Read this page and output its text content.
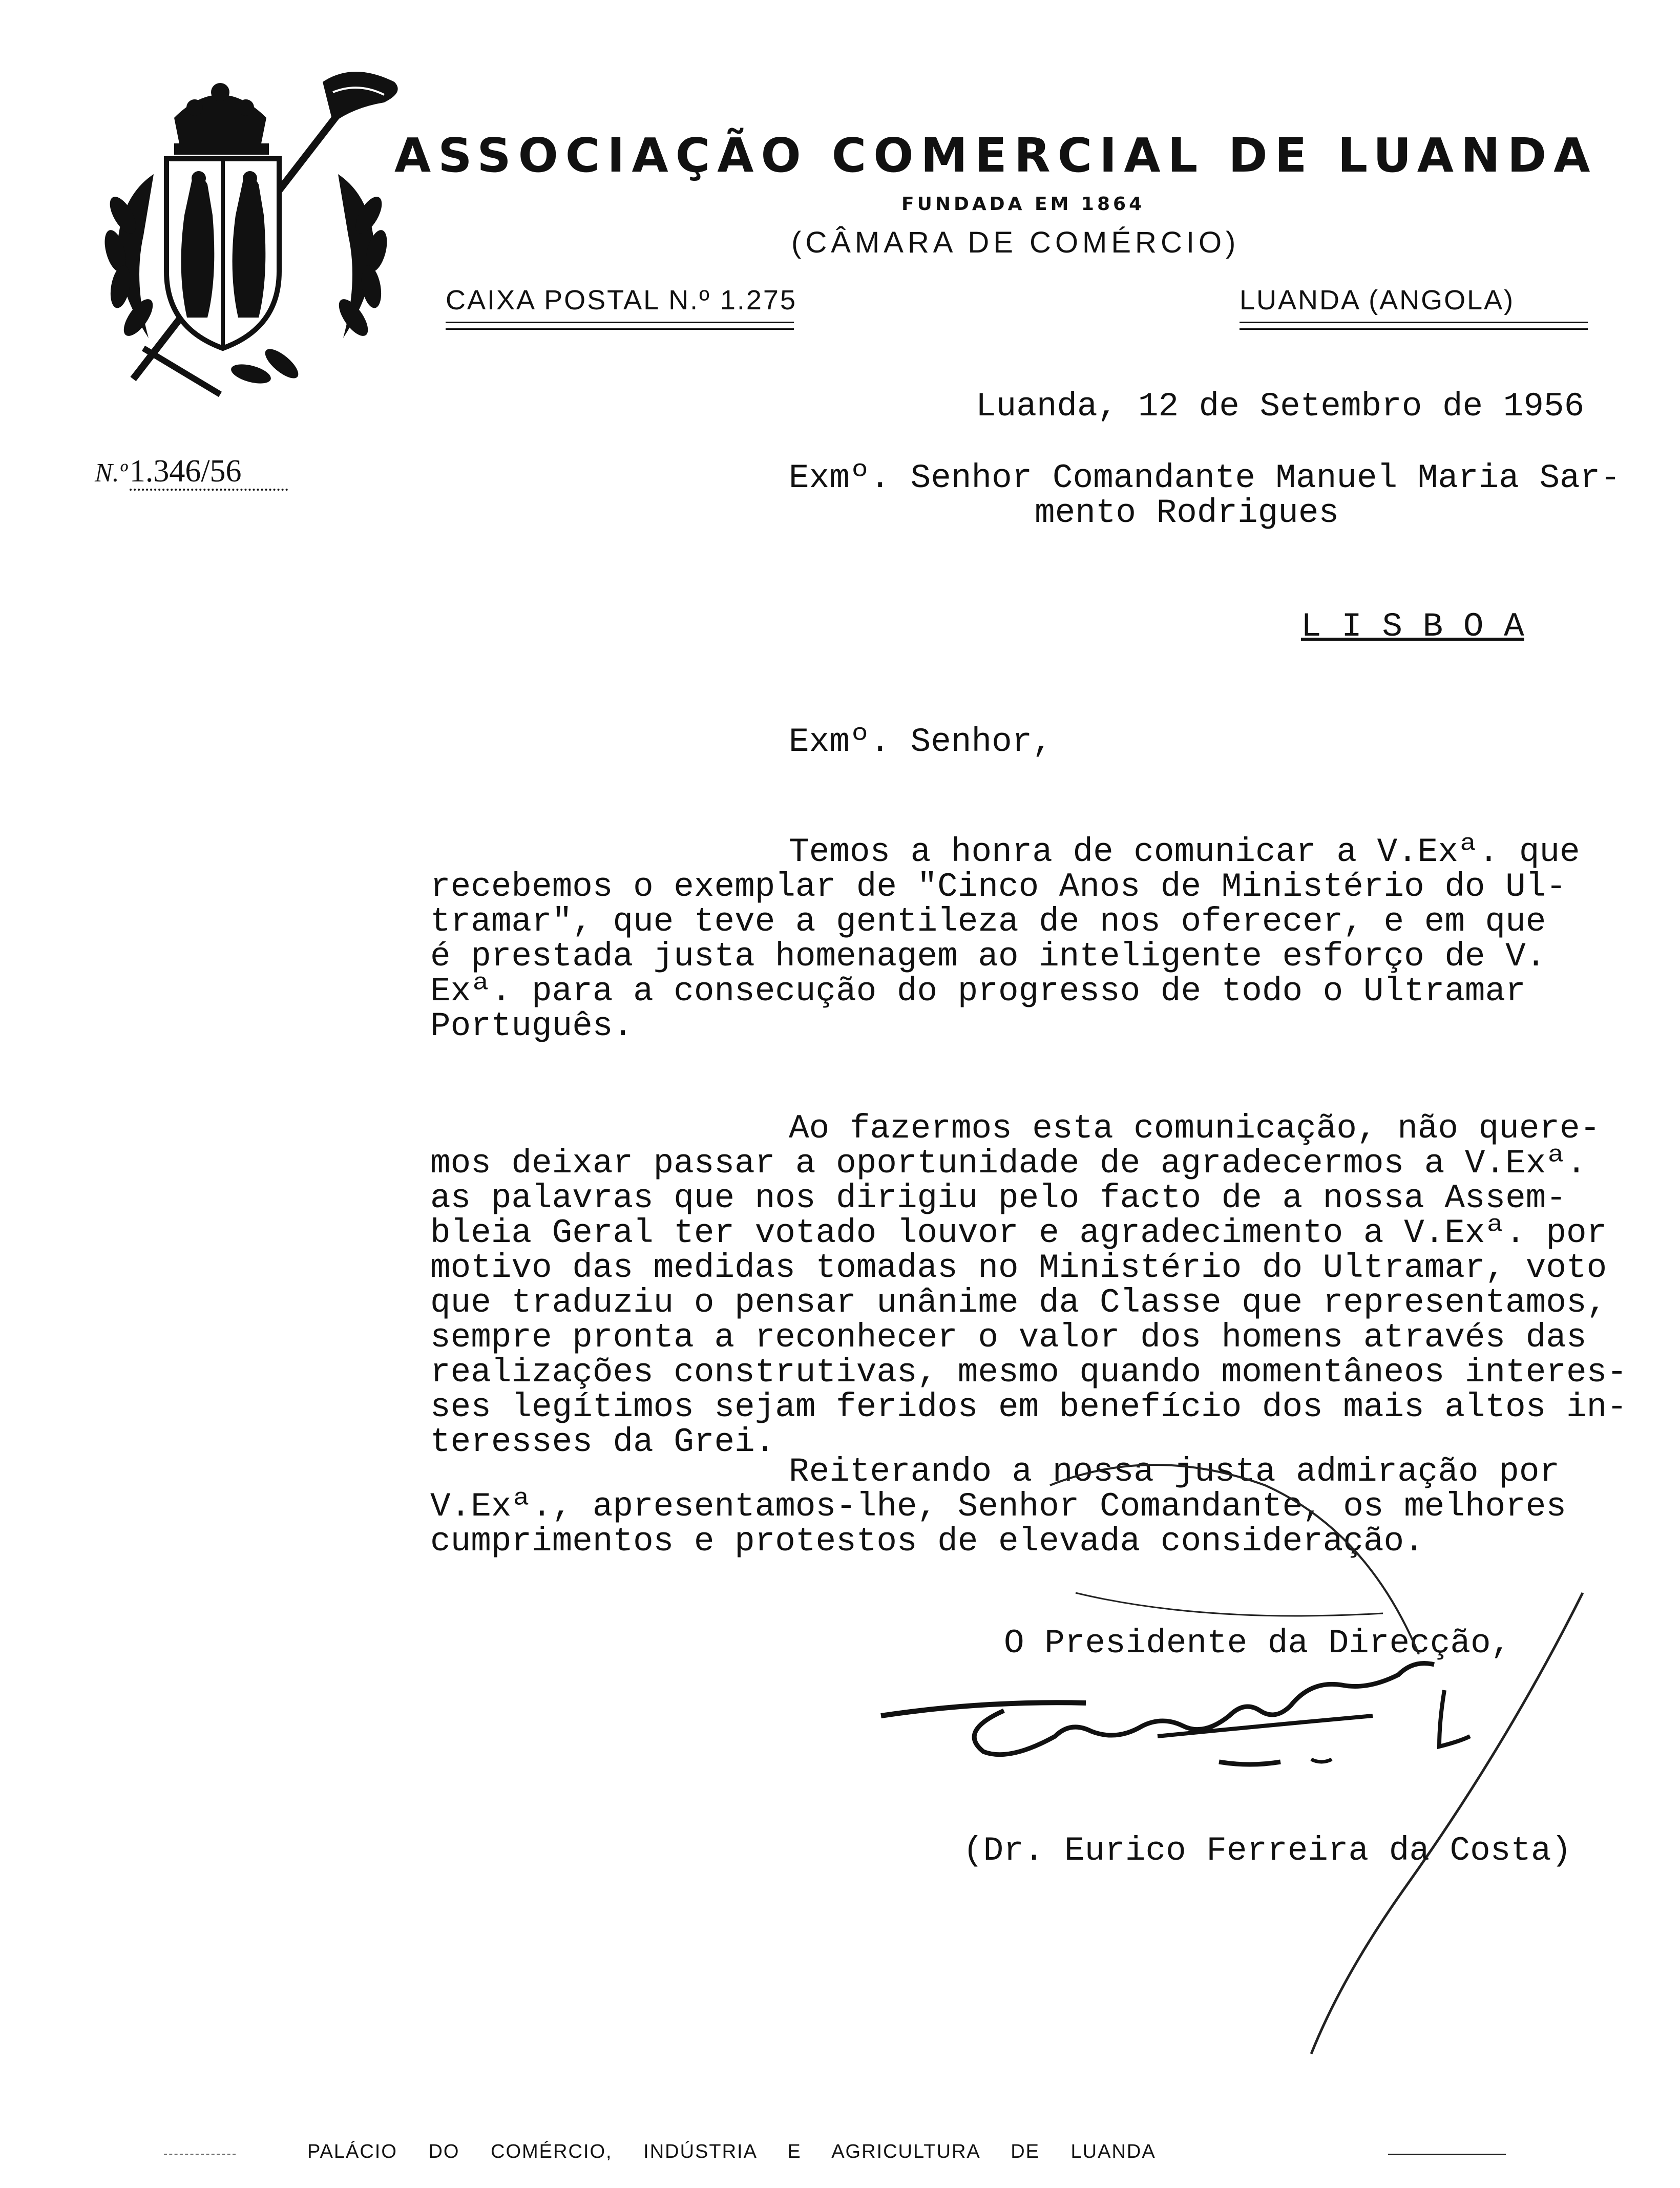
ASSOCIAÇÃO COMERCIAL DE LUANDA
FUNDADA EM 1864
(CÂMARA DE COMÉRCIO)
CAIXA POSTAL N.º 1.275	LUANDA (ANGOLA)
N.º 1.346/56
Luanda, 12 de Setembro de 1956
Exmº. Senhor Comandante Manuel Maria Sar-
mento Rodrigues
L I S B O A
Exmº. Senhor,
Temos a honra de comunicar a V.Exª. que
recebemos o exemplar de "Cinco Anos de Ministério do Ul-
tramar", que teve a gentileza de nos oferecer, e em que
é prestada justa homenagem ao inteligente esforço de V.
Exª. para a consecução do progresso de todo o Ultramar
Português.
Ao fazermos esta comunicação, não quere-
mos deixar passar a oportunidade de agradecermos a V.Exª.
as palavras que nos dirigiu pelo facto de a nossa Assem-
bleia Geral ter votado louvor e agradecimento a V.Exª. por
motivo das medidas tomadas no Ministério do Ultramar, voto
que traduziu o pensar unânime da Classe que representamos,
sempre pronta a reconhecer o valor dos homens através das
realizações construtivas, mesmo quando momentâneos interes-
ses legítimos sejam feridos em benefício dos mais altos in-
teresses da Grei.
Reiterando a nossa justa admiração por
V.Exª., apresentamos-lhe, Senhor Comandante, os melhores
cumprimentos e protestos de elevada consideração.
O Presidente da Direcção,
(Dr. Eurico Ferreira da Costa)
PALÁCIO DO COMÉRCIO, INDÚSTRIA E AGRICULTURA DE LUANDA
